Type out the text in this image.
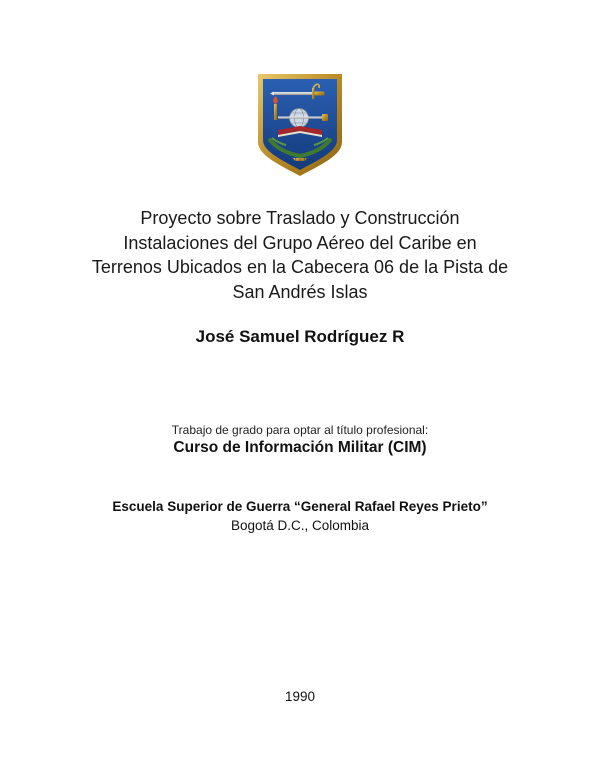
Proyecto sobre Traslado y Construcción
Instalaciones del Grupo Aéreo del Caribe en
Terrenos Ubicados en la Cabecera 06 de la Pista de
San Andrés Islas
José Samuel Rodríguez R
Trabajo de grado para optar al título profesional:
Curso de Información Militar (CIM)
Escuela Superior de Guerra “General Rafael Reyes Prieto”
Bogotá D.C., Colombia
1990
